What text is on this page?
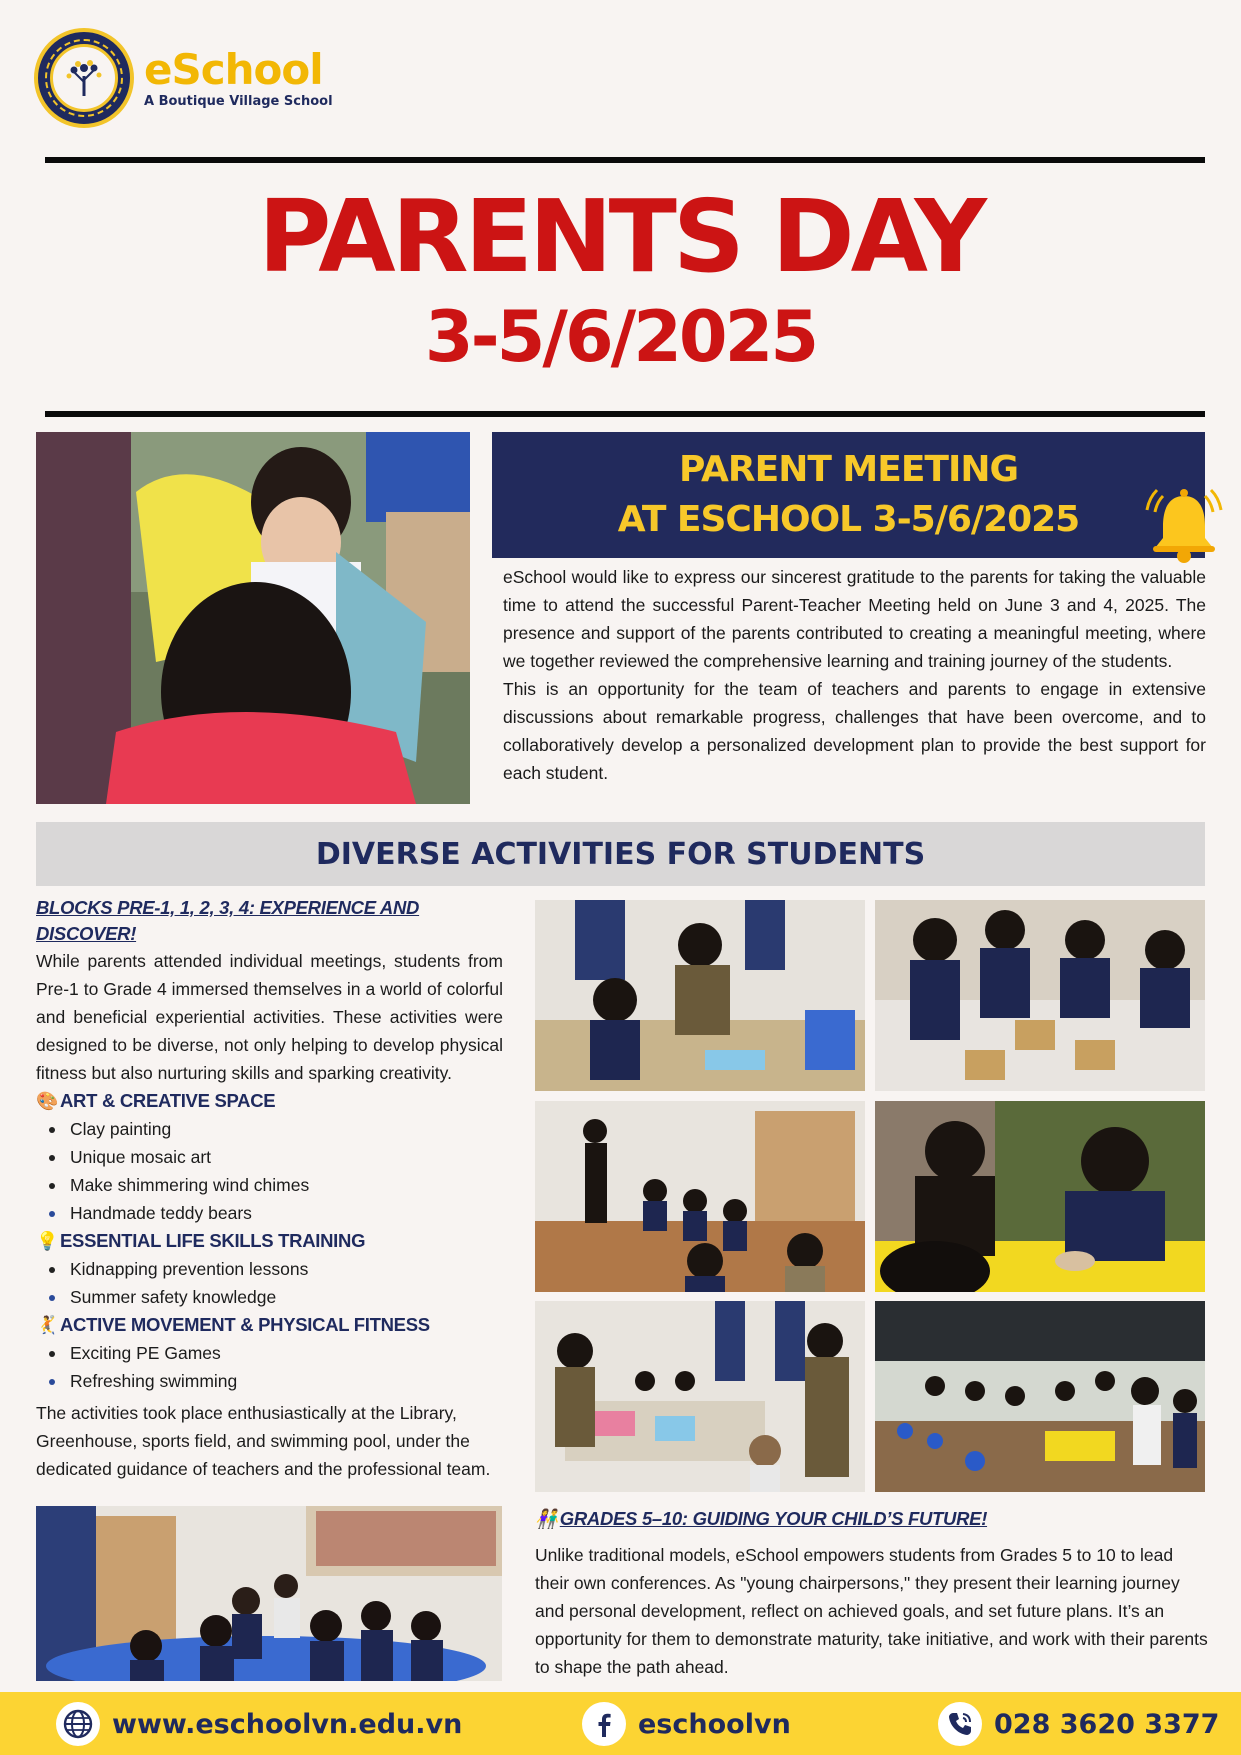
eSchool
A Boutique Village School
PARENTS DAY
3-5/6/2025
PARENT MEETING
AT ESCHOOL 3-5/6/2025

eSchool would like to express our sincerest gratitude to the parents for taking the valuable time to attend the successful Parent-Teacher Meeting held on June 3 and 4, 2025. The presence and support of the parents contributed to creating a meaningful meeting, where we together reviewed the comprehensive learning and training journey of the students.

This is an opportunity for the team of teachers and parents to engage in extensive discussions about remarkable progress, challenges that have been overcome, and to collaboratively develop a personalized development plan to provide the best support for each student.

DIVERSE ACTIVITIES FOR STUDENTS
BLOCKS PRE-1, 1, 2, 3, 4: EXPERIENCE AND DISCOVER!
While parents attended individual meetings, students from Pre-1 to Grade 4 immersed themselves in a world of colorful and beneficial experiential activities. These activities were designed to be diverse, not only helping to develop physical fitness but also nurturing skills and sparking creativity.
🎨 ART & CREATIVE SPACE
Clay painting
Unique mosaic art
Make shimmering wind chimes
Handmade teddy bears
💡 ESSENTIAL LIFE SKILLS TRAINING
Kidnapping prevention lessons
Summer safety knowledge
🤾 ACTIVE MOVEMENT & PHYSICAL FITNESS
Exciting PE Games
Refreshing swimming
The activities took place enthusiastically at the Library, Greenhouse, sports field, and swimming pool, under the dedicated guidance of teachers and the professional team.
👫 GRADES 5–10: GUIDING YOUR CHILD’S FUTURE!
Unlike traditional models, eSchool empowers students from Grades 5 to 10 to lead their own conferences. As "young chairpersons," they present their learning journey and personal development, reflect on achieved goals, and set future plans. It’s an opportunity for them to demonstrate maturity, take initiative, and work with their parents to shape the path ahead.
www.eschoolvn.edu.vn	eschoolvn	028 3620 3377
